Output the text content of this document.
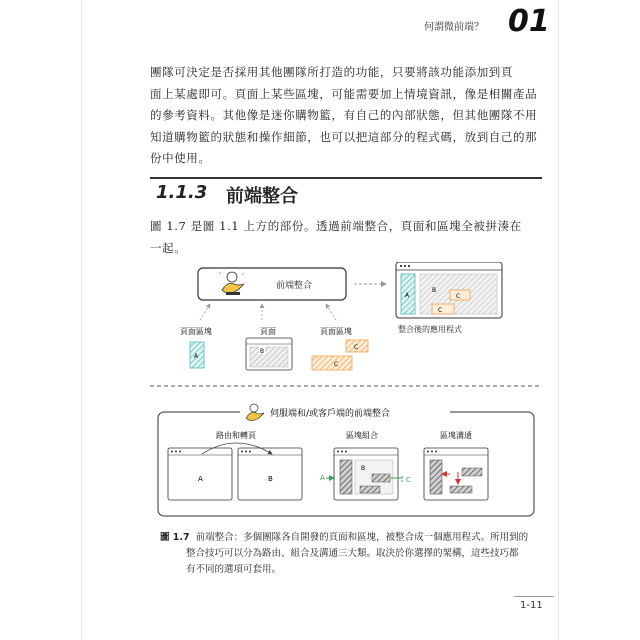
何謂微前端？ 01
團隊可決定是否採用其他團隊所打造的功能，只要將該功能添加到頁
面上某處即可。頁面上某些區塊，可能需要加上情境資訊，像是相關產品
的參考資料。其他像是迷你購物籃，有自己的內部狀態，但其他團隊不用
知道購物籃的狀態和操作細節，也可以把這部分的程式碼，放到自己的那
份中使用。
1.1.3 前端整合
圖 1.7 是圖 1.1 上方的部份。透過前端整合，頁面和區塊全被拼湊在
一起。
前端整合
A
B
C
C
整合後的應用程式
頁面區塊	頁面	頁面區塊
A
B
C
C
伺服端和/或客戶端的前端整合
路由和轉頁	區塊組合	區塊溝通
A	B	A
B
C
圖 1.7 前端整合：多個團隊各自開發的頁面和區塊，被整合成一個應用程式。所用到的
整合技巧可以分為路由、組合及溝通三大類。取決於你選擇的架構，這些技巧都
有不同的選項可套用。
1-11
